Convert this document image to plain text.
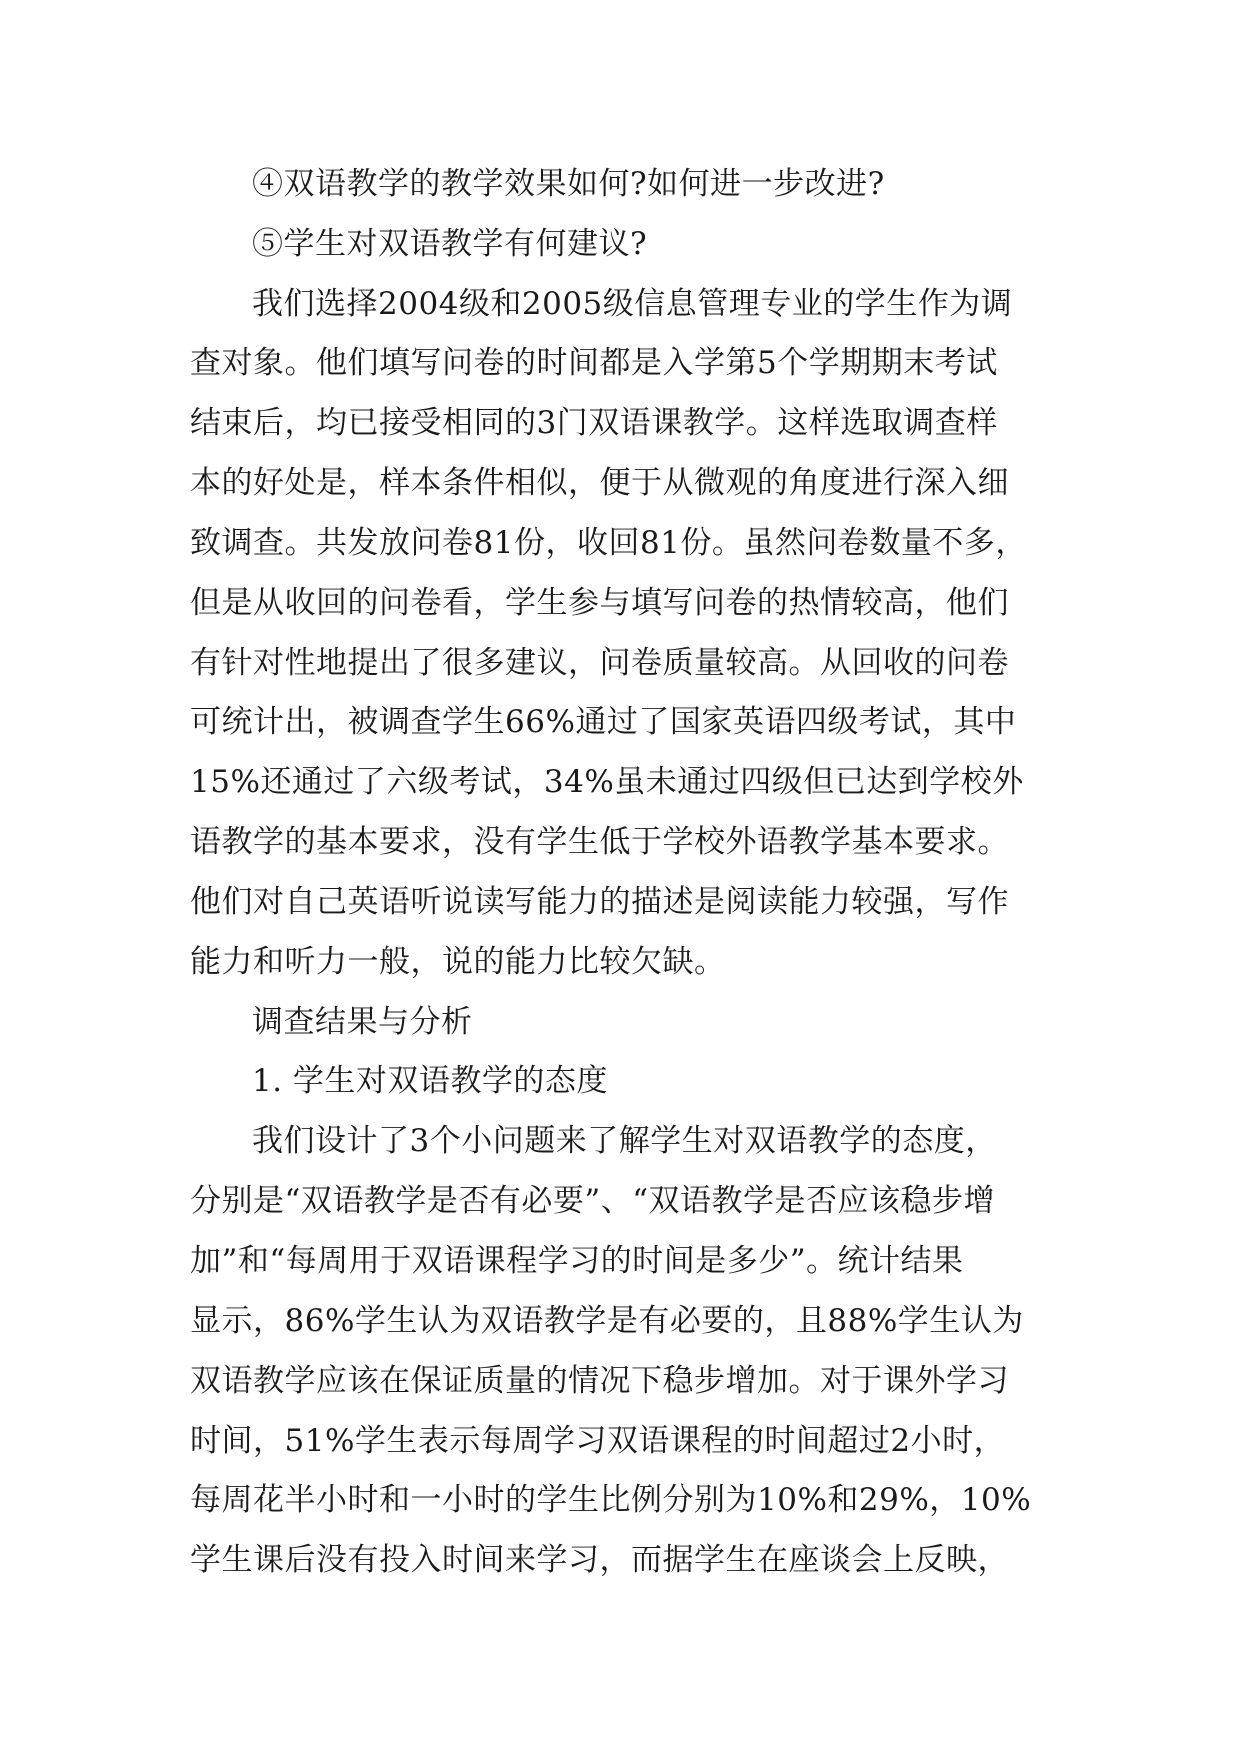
④双语教学的教学效果如何?如何进一步改进?
⑤学生对双语教学有何建议?
我们选择2004级和2005级信息管理专业的学生作为调
查对象。他们填写问卷的时间都是入学第5个学期期末考试
结束后，均已接受相同的3门双语课教学。这样选取调查样
本的好处是，样本条件相似，便于从微观的角度进行深入细
致调查。共发放问卷81份，收回81份。虽然问卷数量不多，
但是从收回的问卷看，学生参与填写问卷的热情较高，他们
有针对性地提出了很多建议，问卷质量较高。从回收的问卷
可统计出，被调查学生66%通过了国家英语四级考试，其中
15%还通过了六级考试，34%虽未通过四级但已达到学校外
语教学的基本要求，没有学生低于学校外语教学基本要求。
他们对自己英语听说读写能力的描述是阅读能力较强，写作
能力和听力一般，说的能力比较欠缺。
调查结果与分析
1. 学生对双语教学的态度
我们设计了3个小问题来了解学生对双语教学的态度，
分别是“双语教学是否有必要”、“双语教学是否应该稳步增
加”和“每周用于双语课程学习的时间是多少”。统计结果
显示，86%学生认为双语教学是有必要的，且88%学生认为
双语教学应该在保证质量的情况下稳步增加。对于课外学习
时间，51%学生表示每周学习双语课程的时间超过2小时，
每周花半小时和一小时的学生比例分别为10%和29%，10%
学生课后没有投入时间来学习，而据学生在座谈会上反映，
